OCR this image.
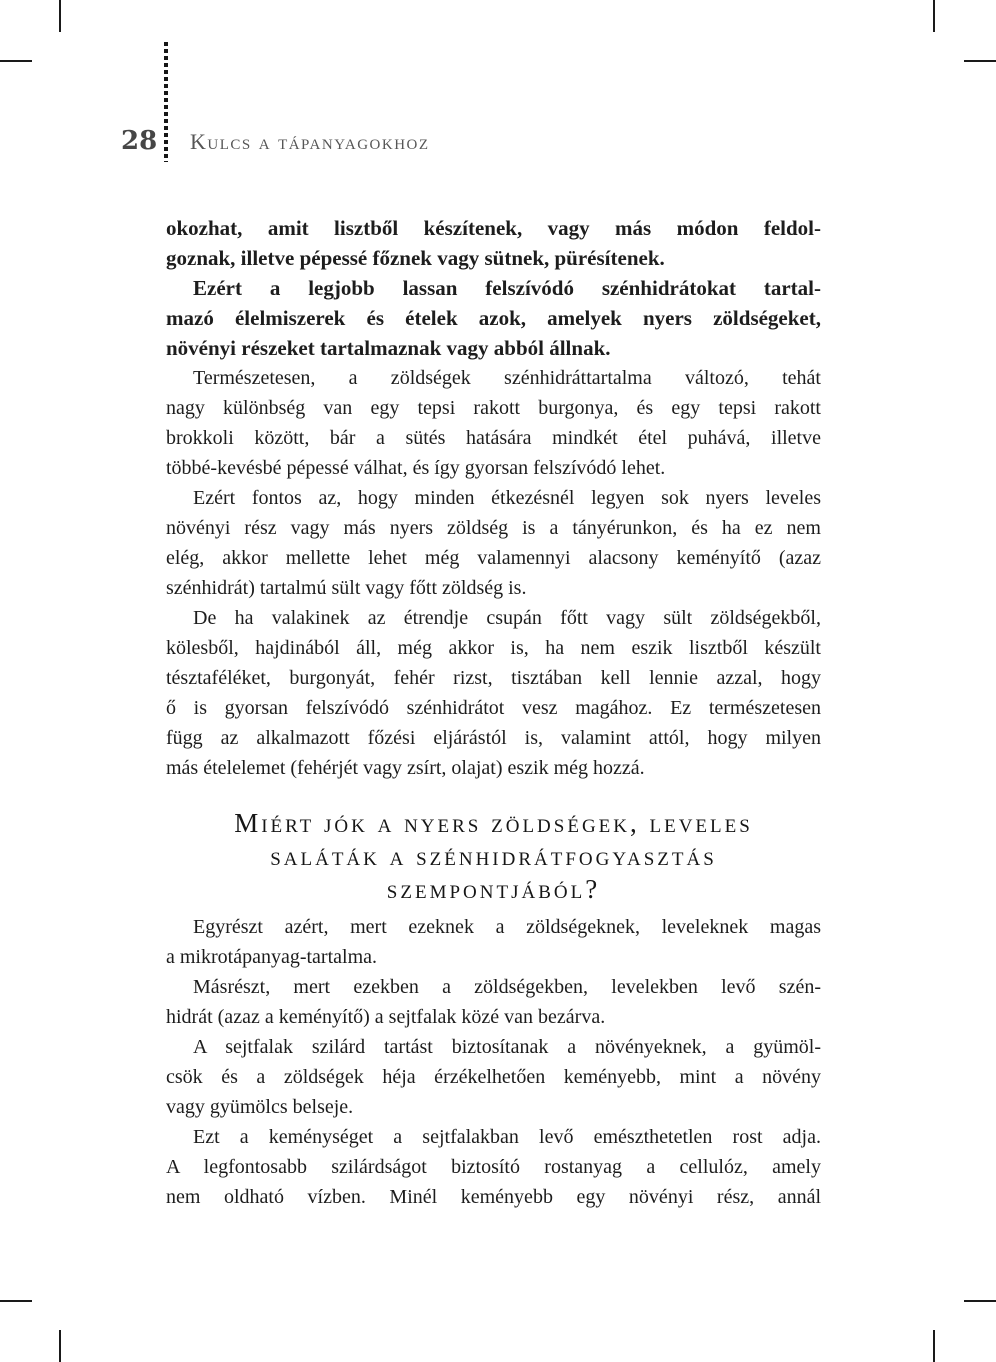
28 Kulcs a tápanyagokhoz

okozhat, amit lisztből készítenek, vagy más módon feldol-
goznak, illetve pépessé főznek vagy sütnek, pürésítenek.

Ezért a legjobb lassan felszívódó szénhidrátokat tartal-
mazó élelmiszerek és ételek azok, amelyek nyers zöldségeket,
növényi részeket tartalmaznak vagy abból állnak.

Természetesen, a zöldségek szénhidráttartalma változó, tehát
nagy különbség van egy tepsi rakott burgonya, és egy tepsi rakott
brokkoli között, bár a sütés hatására mindkét étel puhává, illetve
többé-kevésbé pépessé válhat, és így gyorsan felszívódó lehet.

Ezért fontos az, hogy minden étkezésnél legyen sok nyers leveles
növényi rész vagy más nyers zöldség is a tányérunkon, és ha ez nem
elég, akkor mellette lehet még valamennyi alacsony keményítő (azaz
szénhidrát) tartalmú sült vagy főtt zöldség is.

De ha valakinek az étrendje csupán főtt vagy sült zöldségekből,
kölesből, hajdinából áll, még akkor is, ha nem eszik lisztből készült
tésztaféléket, burgonyát, fehér rizst, tisztában kell lennie azzal, hogy
ő is gyorsan felszívódó szénhidrátot vesz magához. Ez természetesen
függ az alkalmazott főzési eljárástól is, valamint attól, hogy milyen
más ételelemet (fehérjét vagy zsírt, olajat) eszik még hozzá.

Miért jók a nyers zöldségek, leveles
saláták a szénhidrátfogyasztás
szempontjából?

Egyrészt azért, mert ezeknek a zöldségeknek, leveleknek magas
a mikrotápanyag-tartalma.

Másrészt, mert ezekben a zöldségekben, levelekben levő szén-
hidrát (azaz a keményítő) a sejtfalak közé van bezárva.

A sejtfalak szilárd tartást biztosítanak a növényeknek, a gyümöl-
csök és a zöldségek héja érzékelhetően keményebb, mint a növény
vagy gyümölcs belseje.

Ezt a keménységet a sejtfalakban levő emészthetetlen rost adja.
A legfontosabb szilárdságot biztosító rostanyag a cellulóz, amely
nem oldható vízben. Minél keményebb egy növényi rész, annál
